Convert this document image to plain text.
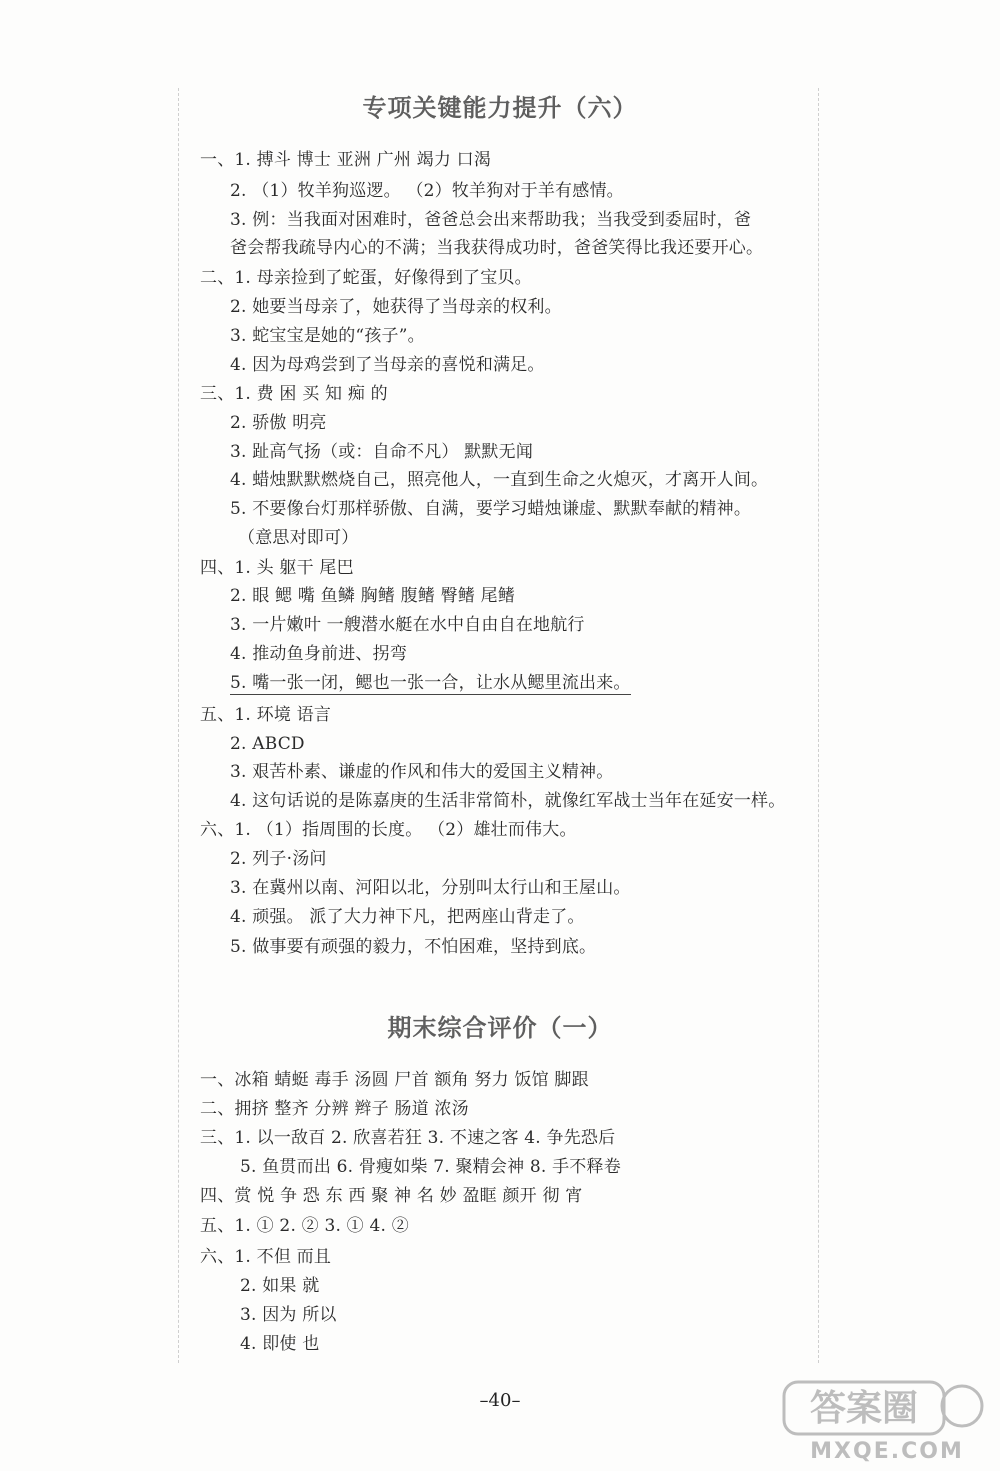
专项关键能力提升（六）
一、1. 搏斗 博士 亚洲 广州 竭力 口渴
2. （1）牧羊狗巡逻。 （2）牧羊狗对于羊有感情。
3. 例：当我面对困难时，爸爸总会出来帮助我；当我受到委屈时，爸
爸会帮我疏导内心的不满；当我获得成功时，爸爸笑得比我还要开心。
二、1. 母亲捡到了蛇蛋，好像得到了宝贝。
2. 她要当母亲了，她获得了当母亲的权利。
3. 蛇宝宝是她的“孩子”。
4. 因为母鸡尝到了当母亲的喜悦和满足。
三、1. 费 困 买 知 痴 的
2. 骄傲 明亮
3. 趾高气扬（或：自命不凡） 默默无闻
4. 蜡烛默默燃烧自己，照亮他人，一直到生命之火熄灭，才离开人间。
5. 不要像台灯那样骄傲、自满，要学习蜡烛谦虚、默默奉献的精神。
（意思对即可）
四、1. 头 躯干 尾巴
2. 眼 鳃 嘴 鱼鳞 胸鳍 腹鳍 臀鳍 尾鳍
3. 一片嫩叶 一艘潜水艇在水中自由自在地航行
4. 推动鱼身前进、拐弯
5. 嘴一张一闭，鳃也一张一合，让水从鳃里流出来。
五、1. 环境 语言
2. ABCD
3. 艰苦朴素、谦虚的作风和伟大的爱国主义精神。
4. 这句话说的是陈嘉庚的生活非常简朴，就像红军战士当年在延安一样。
六、1. （1）指周围的长度。 （2）雄壮而伟大。
2. 列子·汤问
3. 在冀州以南、河阳以北，分别叫太行山和王屋山。
4. 顽强。 派了大力神下凡，把两座山背走了。
5. 做事要有顽强的毅力，不怕困难，坚持到底。
期末综合评价（一）
一、冰箱 蜻蜓 毒手 汤圆 尸首 额角 努力 饭馆 脚跟
二、拥挤 整齐 分辨 辫子 肠道 浓汤
三、1. 以一敌百 2. 欣喜若狂 3. 不速之客 4. 争先恐后
5. 鱼贯而出 6. 骨瘦如柴 7. 聚精会神 8. 手不释卷
四、赏 悦 争 恐 东 西 聚 神 名 妙 盈眶 颜开 彻 宵
五、1. ① 2. ② 3. ① 4. ②
六、1. 不但 而且
2. 如果 就
3. 因为 所以
4. 即使 也
–40–	答案圈
MXQE.COM
